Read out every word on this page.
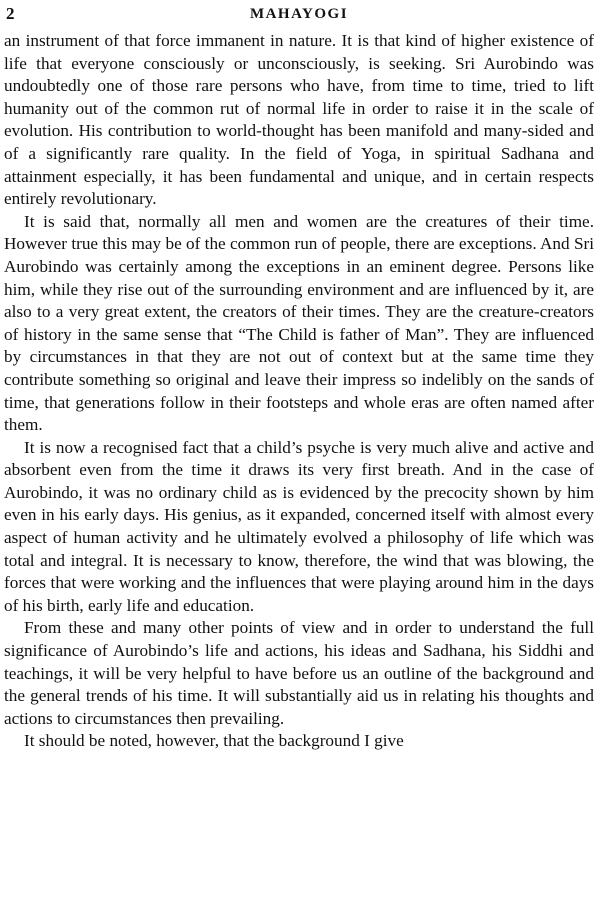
2	MAHAYOGI

an instrument of that force immanent in nature. It is that kind of higher existence of life that everyone consciously or unconsciously, is seeking. Sri Aurobindo was undoubtedly one of those rare persons who have, from time to time, tried to lift humanity out of the common rut of normal life in order to raise it in the scale of evolution. His contribution to world-thought has been manifold and many-sided and of a significantly rare quality. In the field of Yoga, in spiritual Sadhana and attainment especially, it has been fundamental and unique, and in certain respects entirely revolutionary.

It is said that, normally all men and women are the creatures of their time. However true this may be of the common run of people, there are exceptions. And Sri Aurobindo was certainly among the exceptions in an eminent degree. Persons like him, while they rise out of the surrounding environment and are influenced by it, are also to a very great extent, the creators of their times. They are the creature-creators of history in the same sense that “The Child is father of Man”. They are influenced by circumstances in that they are not out of context but at the same time they contribute something so original and leave their impress so indelibly on the sands of time, that generations follow in their footsteps and whole eras are often named after them.

It is now a recognised fact that a child’s psyche is very much alive and active and absorbent even from the time it draws its very first breath. And in the case of Aurobindo, it was no ordinary child as is evidenced by the precocity shown by him even in his early days. His genius, as it expanded, concerned itself with almost every aspect of human activity and he ultimately evolved a philosophy of life which was total and integral. It is necessary to know, therefore, the wind that was blowing, the forces that were working and the influences that were playing around him in the days of his birth, early life and education.

From these and many other points of view and in order to understand the full significance of Aurobindo’s life and actions, his ideas and Sadhana, his Siddhi and teachings, it will be very helpful to have before us an outline of the background and the general trends of his time. It will substantially aid us in relating his thoughts and actions to circumstances then prevailing.

It should be noted, however, that the background I give
